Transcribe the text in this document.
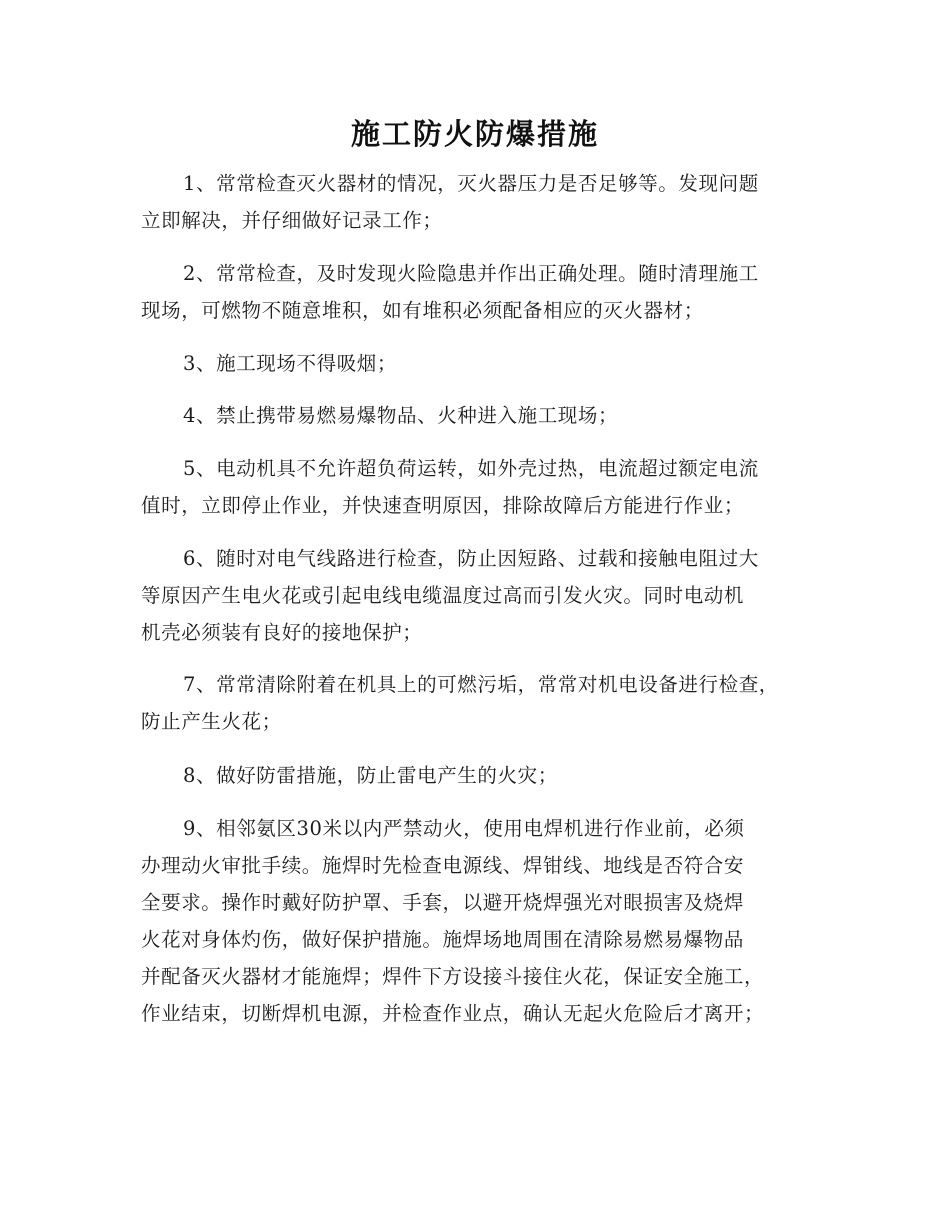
施工防火防爆措施
1、常常检查灭火器材的情况，灭火器压力是否足够等。发现问题
立即解决，并仔细做好记录工作；
2、常常检查，及时发现火险隐患并作出正确处理。随时清理施工
现场，可燃物不随意堆积，如有堆积必须配备相应的灭火器材；
3、施工现场不得吸烟；
4、禁止携带易燃易爆物品、火种进入施工现场；
5、电动机具不允许超负荷运转，如外壳过热，电流超过额定电流
值时，立即停止作业，并快速查明原因，排除故障后方能进行作业；
6、随时对电气线路进行检查，防止因短路、过载和接触电阻过大
等原因产生电火花或引起电线电缆温度过高而引发火灾。同时电动机
机壳必须装有良好的接地保护；
7、常常清除附着在机具上的可燃污垢，常常对机电设备进行检查，
防止产生火花；
8、做好防雷措施，防止雷电产生的火灾；
9、相邻氨区30米以内严禁动火，使用电焊机进行作业前，必须
办理动火审批手续。施焊时先检查电源线、焊钳线、地线是否符合安
全要求。操作时戴好防护罩、手套，以避开烧焊强光对眼损害及烧焊
火花对身体灼伤，做好保护措施。施焊场地周围在清除易燃易爆物品
并配备灭火器材才能施焊；焊件下方设接斗接住火花，保证安全施工，
作业结束，切断焊机电源，并检查作业点，确认无起火危险后才离开；
